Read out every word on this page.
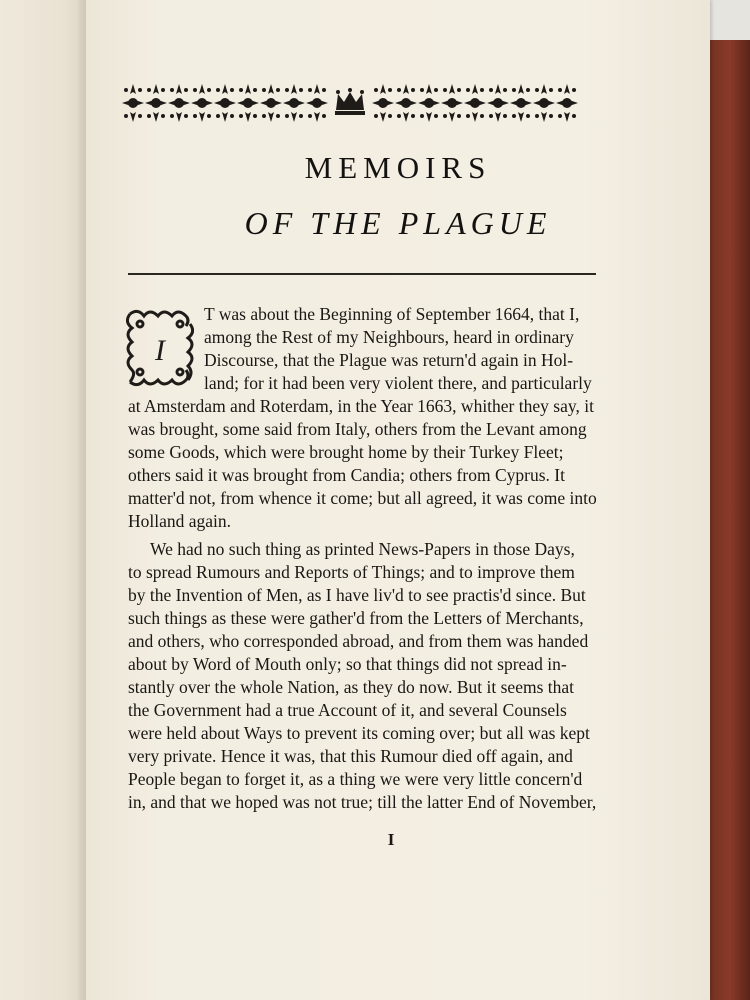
MEMOIRS
OF THE PLAGUE
I
T was about the Beginning of September 1664, that I,
among the Rest of my Neighbours, heard in ordinary
Discourse, that the Plague was return'd again in Hol-
land; for it had been very violent there, and particularly
at Amsterdam and Roterdam, in the Year 1663, whither they say, it
was brought, some said from Italy, others from the Levant among
some Goods, which were brought home by their Turkey Fleet;
others said it was brought from Candia; others from Cyprus. It
matter'd not, from whence it come; but all agreed, it was come into
Holland again.
We had no such thing as printed News-Papers in those Days,
to spread Rumours and Reports of Things; and to improve them
by the Invention of Men, as I have liv'd to see practis'd since. But
such things as these were gather'd from the Letters of Merchants,
and others, who corresponded abroad, and from them was handed
about by Word of Mouth only; so that things did not spread in-
stantly over the whole Nation, as they do now. But it seems that
the Government had a true Account of it, and several Counsels
were held about Ways to prevent its coming over; but all was kept
very private. Hence it was, that this Rumour died off again, and
People began to forget it, as a thing we were very little concern'd
in, and that we hoped was not true; till the latter End of November,
I
